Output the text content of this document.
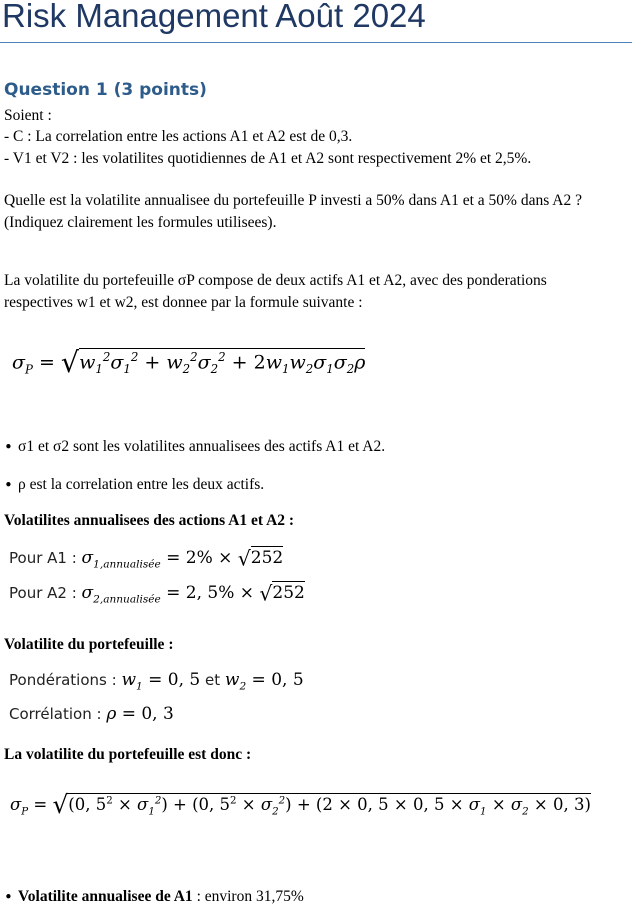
Risk Management Août 2024
Question 1 (3 points)
Soient :
- C : La correlation entre les actions A1 et A2 est de 0,3.
- V1 et V2 : les volatilites quotidiennes de A1 et A2 sont respectivement 2% et 2,5%.
Quelle est la volatilite annualisee du portefeuille P investi a 50% dans A1 et a 50% dans A2 ?
(Indiquez clairement les formules utilisees).
La volatilite du portefeuille σP compose de deux actifs A1 et A2, avec des ponderations
respectives w1 et w2, est donnee par la formule suivante :
$\sigma_P = √w_1^2\sigma_1^2 + w_2^2\sigma_2^2 + 2w_1w_2\sigma_1\sigma_2\rho$
• σ1 et σ2 sont les volatilites annualisees des actifs A1 et A2.
• ρ est la correlation entre les deux actifs.
Volatilites annualisees des actions A1 et A2 :
Pour A1 : $\sigma_{1,annualisée} = 2\% \times √252$
Pour A2 : $\sigma_{2,annualisée} = 2$, 5% × √252
Volatilite du portefeuille :
Pondérations : $w_1 = 0$, 5 et $w_2 = 0$, 5
Corrélation : ρ = 0, 3
La volatilite du portefeuille est donc :
$\sigma_P = √(0$, $5^2 \times \sigma_1^2) + (0$, $5^2 \times \sigma_2^2) + (2 \times 0$, 5 × 0, $5 \times \sigma_1 \times \sigma_2 \times 0$, 3)
• Volatilite annualisee de A1 : environ 31,75%
